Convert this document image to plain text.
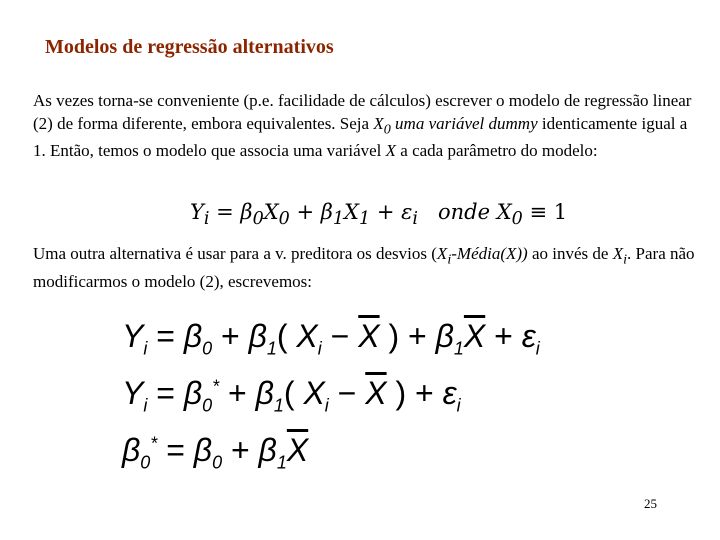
Modelos de regressão alternativos
As vezes torna-se conveniente (p.e. facilidade de cálculos) escrever o modelo de regressão linear (2) de forma diferente, embora equivalentes. Seja $X_0$ uma variável dummy identicamente igual a 1. Então, temos o modelo que associa uma variável X a cada parâmetro do modelo:
$Y_i = \beta_0X_0 + \beta_1X_1 + \varepsilon_i$   onde $X_0 \equiv 1$
Uma outra alternativa é usar para a v. preditora os desvios $(X_i-Média(X))$ ao invés de $X_i$. Para não modificarmos o modelo (2), escrevemos:
$Y_i = \beta_0 + \beta_1$( $X_i - \overline{X}$ ) + $\beta_1\overline{X} + \varepsilon_i$
$Y_i = \beta_0^* + \beta_1$( $X_i - \overline{X}$ ) + $\varepsilon_i$
$\beta_0^* = \beta_0 + \beta_1\overline{X}$
25
